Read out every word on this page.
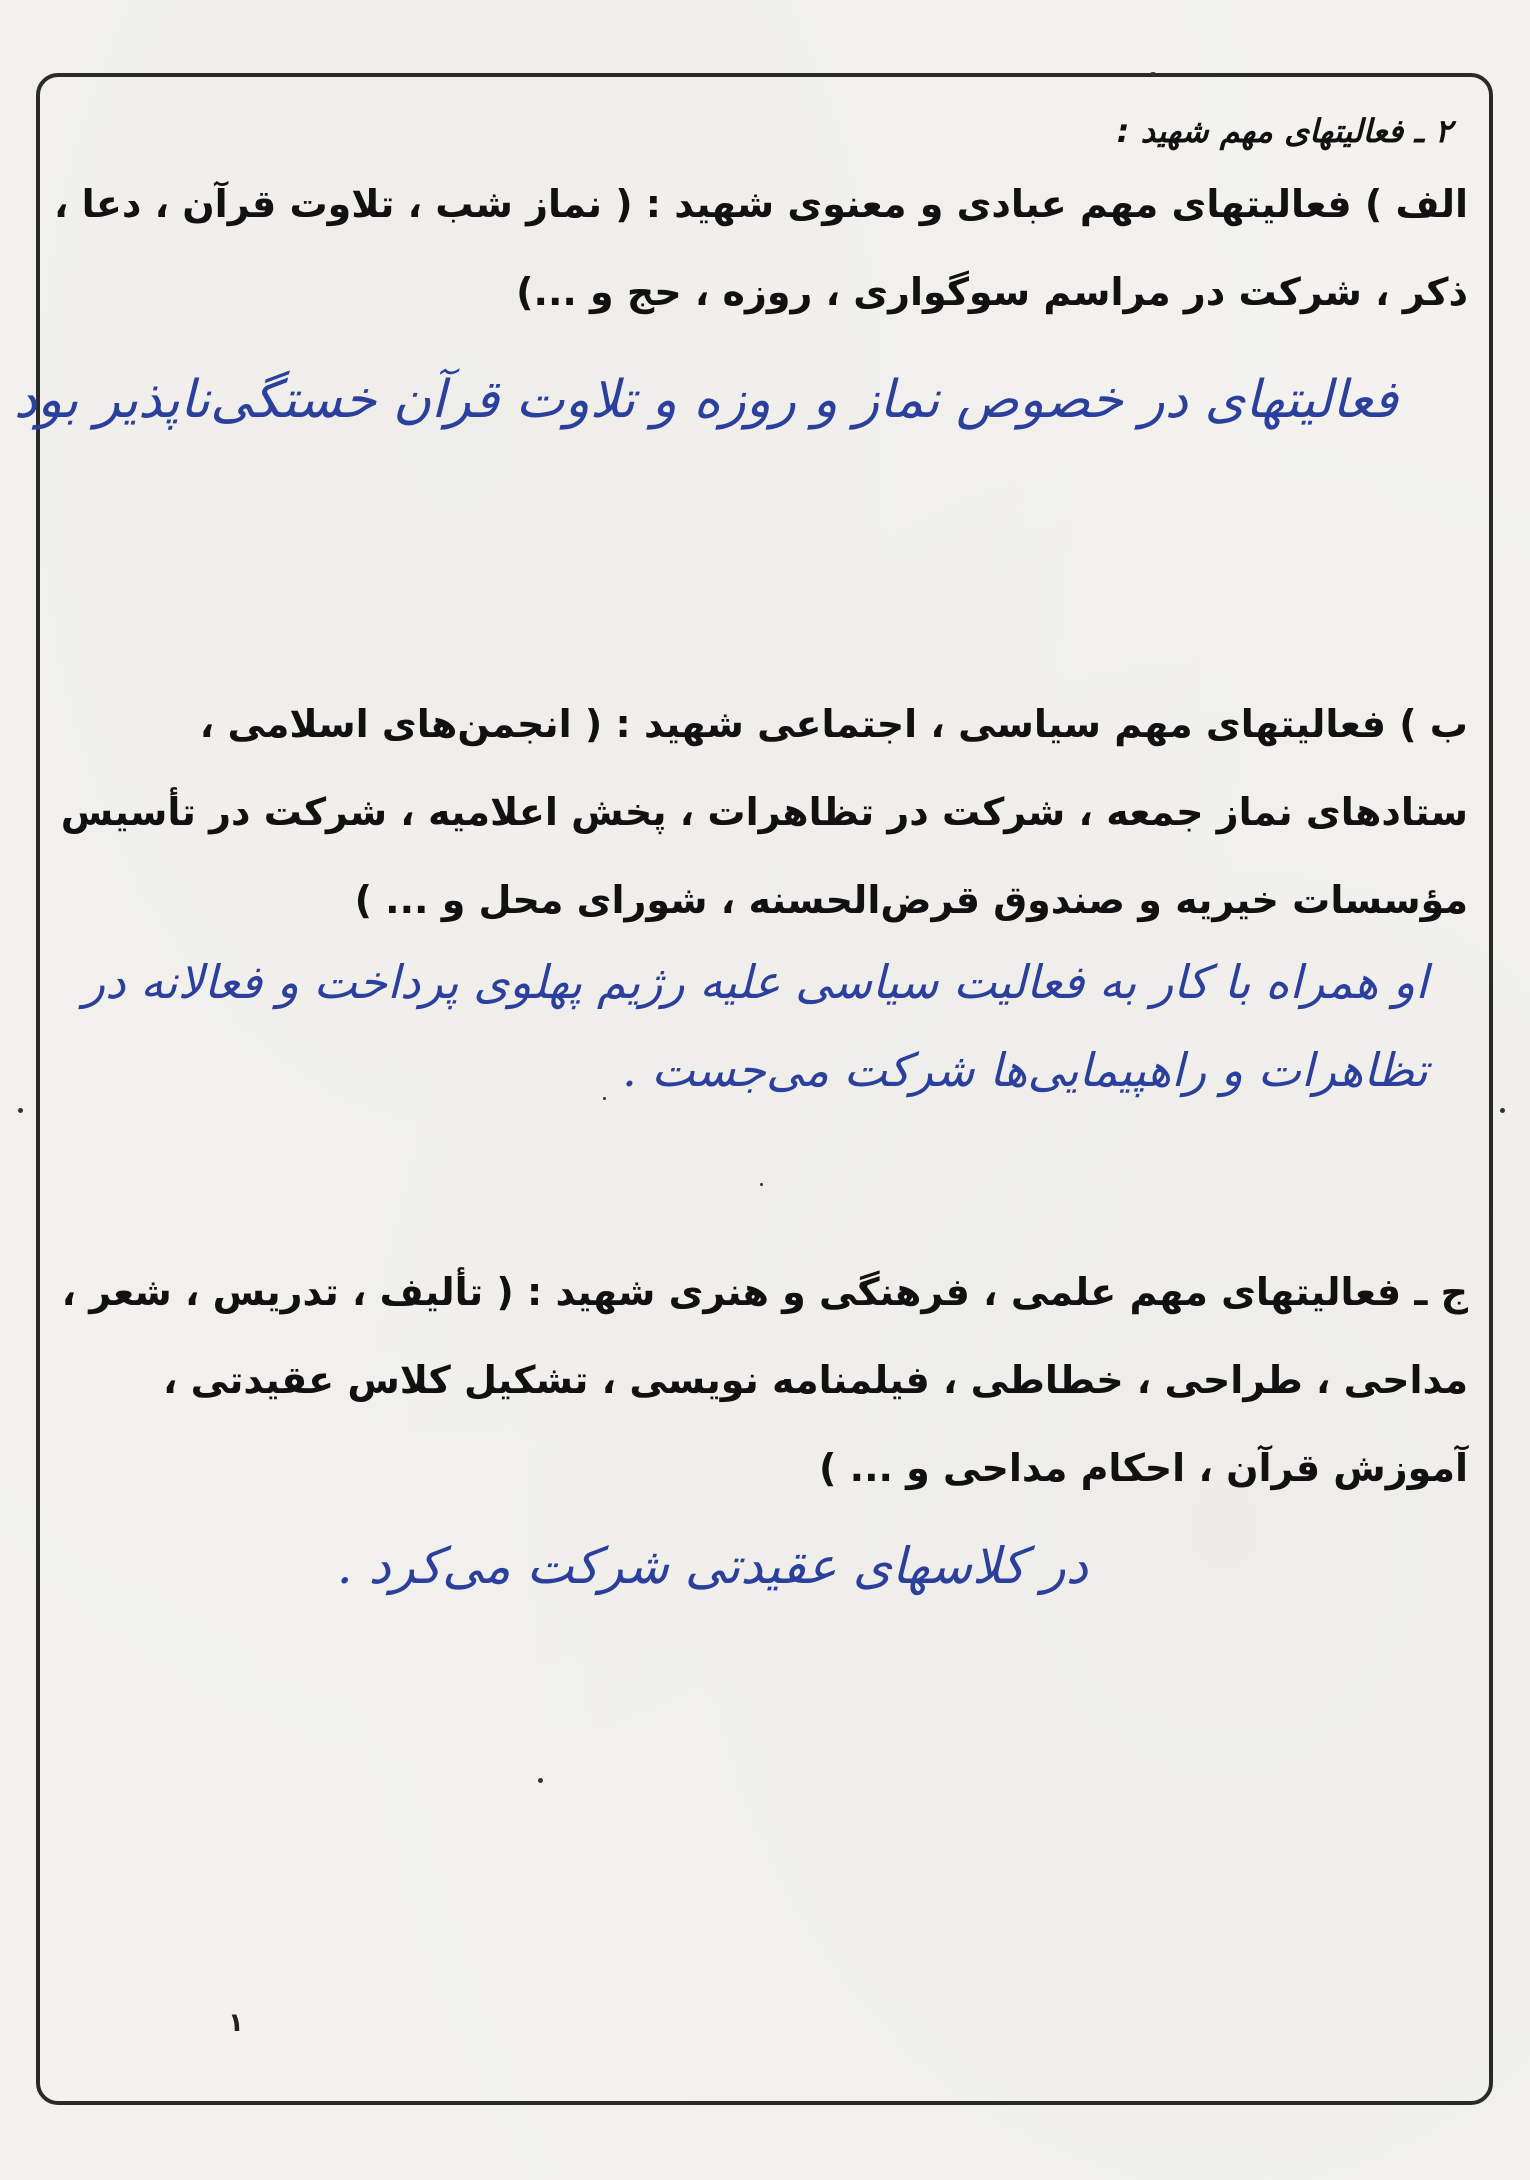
۲ ـ فعالیتهای مهم شهید :
الف ) فعالیتهای مهم عبادی و معنوی شهید : ( نماز شب ، تلاوت قرآن ، دعا ،
ذکر ، شرکت در مراسم سوگواری ، روزه ، حج و ...)
فعالیتهای در خصوص نماز و روزه و تلاوت قرآن خستگی‌ناپذیر بود
ب ) فعالیتهای مهم سیاسی ، اجتماعی شهید : ( انجمن‌های اسلامی ،
ستادهای نماز جمعه ، شرکت در تظاهرات ، پخش اعلامیه ، شرکت در تأسیس
مؤسسات خیریه و صندوق قرض‌الحسنه ، شورای محل و ... )
او همراه با کار به فعالیت سیاسی علیه رژیم پهلوی پرداخت و فعالانه در
تظاهرات و راهپیمایی‌ها شرکت می‌جست .
ج ـ فعالیتهای مهم علمی ، فرهنگی و هنری شهید : ( تألیف ، تدریس ، شعر ،
مداحی ، طراحی ، خطاطی ، فیلمنامه نویسی ، تشکیل کلاس عقیدتی ،
آموزش قرآن ، احکام مداحی و ... )
در کلاسهای عقیدتی شرکت می‌کرد .
۱
